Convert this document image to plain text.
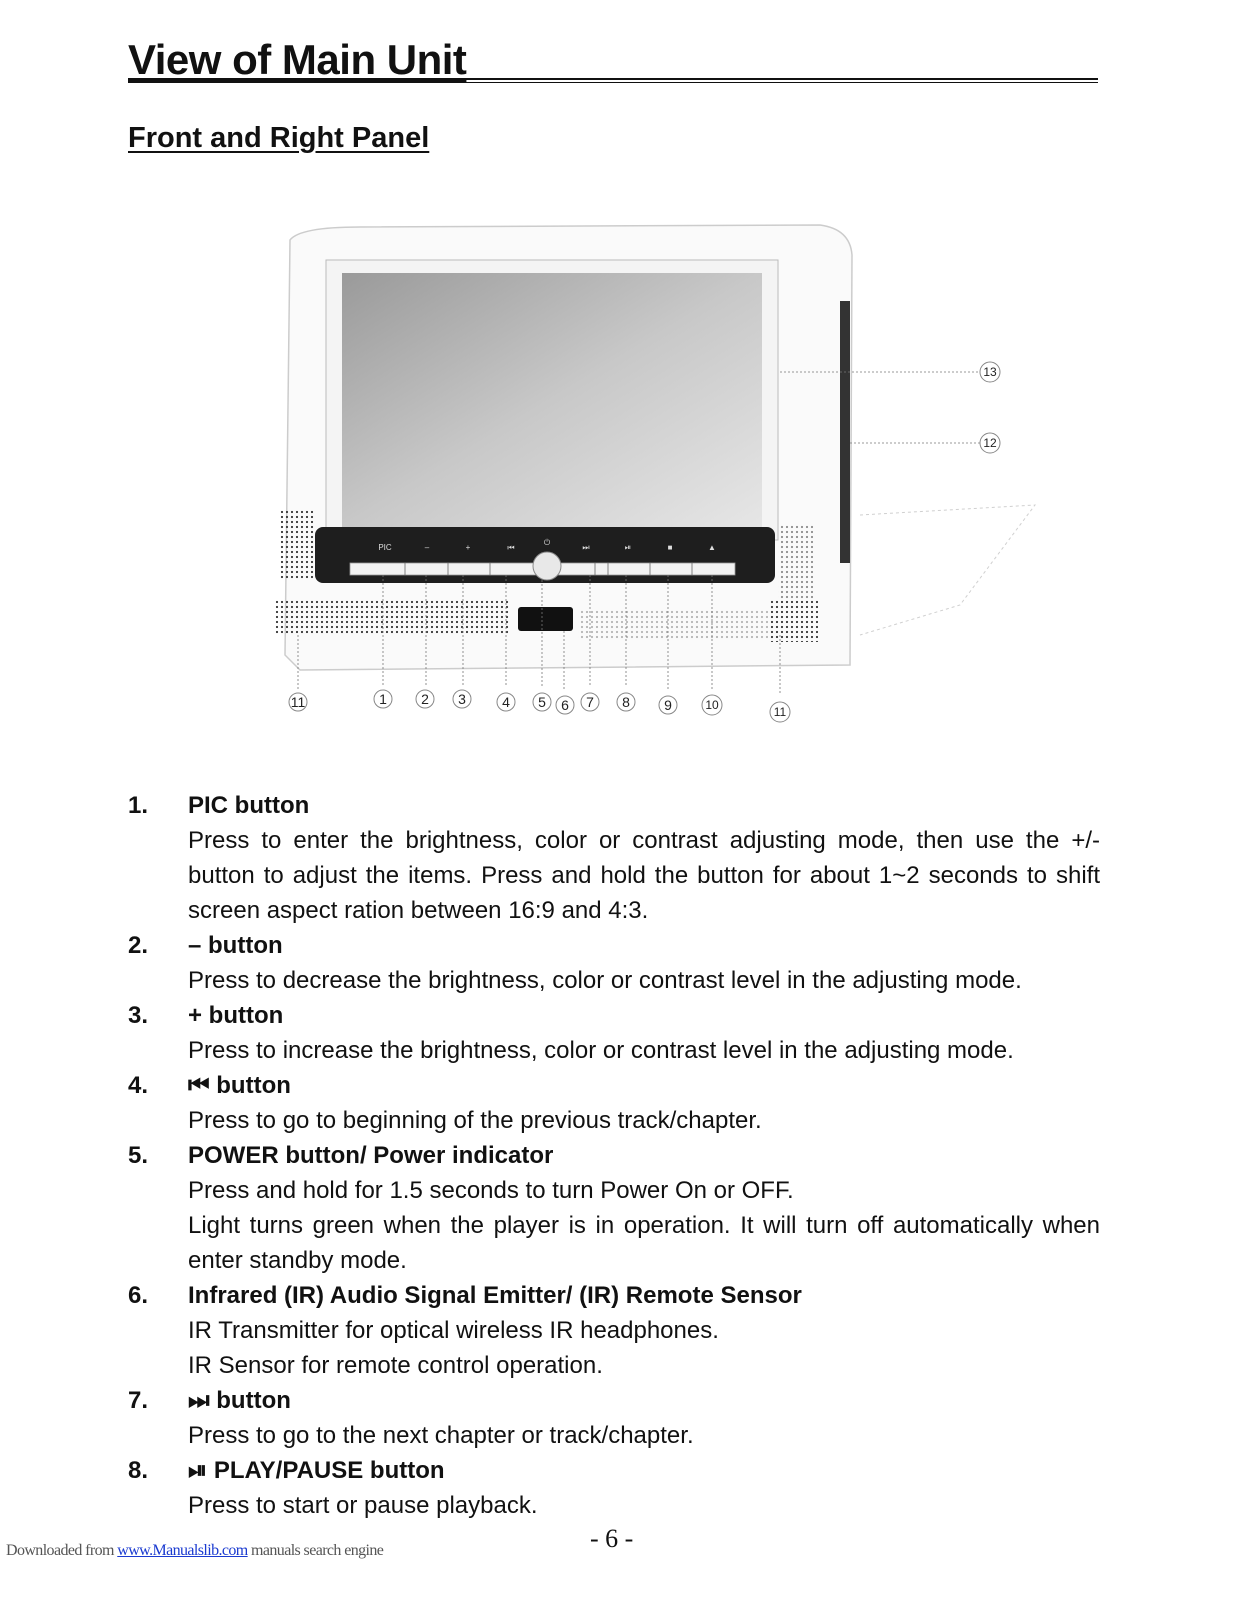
View of Main Unit
Front and Right Panel
PIC	–	+	⏮
⏻
⏭	⏯	■	▲
11	1 2 3	4 5 6 7 8 9	10	11
12
13
1.	PIC button
Press to enter the brightness, color or contrast adjusting mode, then use the +/- button to adjust the items. Press and hold the button for about 1~2 seconds to shift screen aspect ration between 16:9 and 4:3.
2.	– button
Press to decrease the brightness, color or contrast level in the adjusting mode.
3.	+ button
Press to increase the brightness, color or contrast level in the adjusting mode.
4.	⏮ button
Press to go to beginning of the previous track/chapter.
5.	POWER button/ Power indicator
Press and hold for 1.5 seconds to turn Power On or OFF.
Light turns green when the player is in operation. It will turn off automatically when enter standby mode.
6.	Infrared (IR) Audio Signal Emitter/ (IR) Remote Sensor
IR Transmitter for optical wireless IR headphones.
IR Sensor for remote control operation.
7.	⏭ button
Press to go to the next chapter or track/chapter.
8.	⏯ PLAY/PAUSE button
Press to start or pause playback.
- 6 -
Downloaded from www.Manualslib.com manuals search engine
